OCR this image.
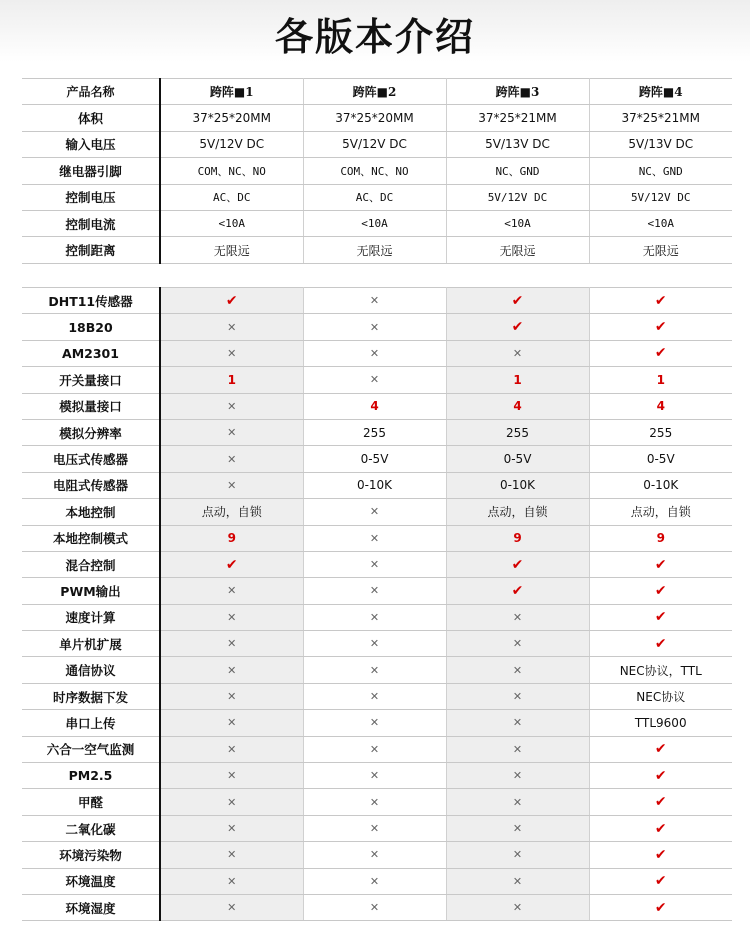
各版本介绍
产品名称	跨阵■1	跨阵■2	跨阵■3	跨阵■4
体积	37*25*20MM	37*25*20MM	37*25*21MM	37*25*21MM
输入电压	5V/12V DC	5V/12V DC	5V/13V DC	5V/13V DC
继电器引脚	COM、NC、NO	COM、NC、NO	NC、GND	NC、GND
控制电压	AC、DC	AC、DC	5V/12V DC	5V/12V DC
控制电流	<10A	<10A	<10A	<10A
控制距离	无限远	无限远	无限远	无限远
DHT11传感器	✔	✕	✔	✔
18B20	✕	✕	✔	✔
AM2301	✕	✕	✕	✔
开关量接口	1	✕	1	1
模拟量接口	✕	4	4	4
模拟分辨率	✕	255	255	255
电压式传感器	✕	0-5V	0-5V	0-5V
电阻式传感器	✕	0-10K	0-10K	0-10K
本地控制	点动，自锁	✕	点动，自锁	点动，自锁
本地控制模式	9	✕	9	9
混合控制	✔	✕	✔	✔
PWM输出	✕	✕	✔	✔
速度计算	✕	✕	✕	✔
单片机扩展	✕	✕	✕	✔
通信协议	✕	✕	✕	NEC协议，TTL
时序数据下发	✕	✕	✕	NEC协议
串口上传	✕	✕	✕	TTL9600
六合一空气监测	✕	✕	✕	✔
PM2.5	✕	✕	✕	✔
甲醛	✕	✕	✕	✔
二氧化碳	✕	✕	✕	✔
环境污染物	✕	✕	✕	✔
环境温度	✕	✕	✕	✔
环境湿度	✕	✕	✕	✔
